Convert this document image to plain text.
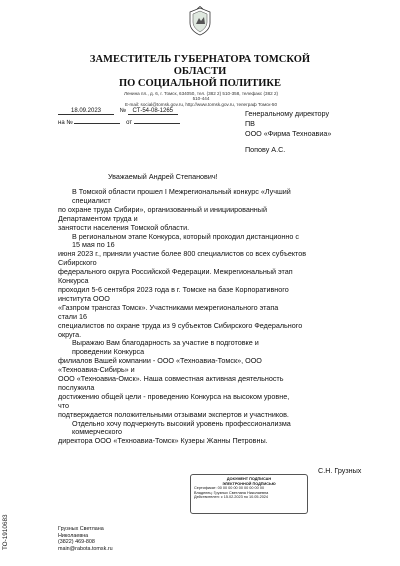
ЗАМЕСТИТЕЛЬ ГУБЕРНАТОРА ТОМСКОЙ
ОБЛАСТИ
ПО СОЦИАЛЬНОЙ ПОЛИТИКЕ
Ленина пл., д. 6, г. Томск, 634050, тел. (382 2) 510-358, телефакс (382 2)
510-444
E-mail: social@tomsk.gov.ru, http://www.tomsk.gov.ru, телеграф Томск-50
18.09.2023	№ СТ-54-08-1265
на №	от
Генеральному директору
ПВ
ООО «Фирма Техноавиа»
Попову А.С.
Уважаемый Андрей Степанович!

В Томской области прошел I Межрегиональный конкурс «Лучший

специалист

по охране труда Сибири», организованный и инициированный

Департаментом труда и

занятости населения Томской области.

В региональном этапе Конкурса, который проходил дистанционно с

15 мая по 16

июня 2023 г., приняли участие более 800 специалистов со всех субъектов

Сибирского

федерального округа Российской Федерации. Межрегиональный этап

Конкурса

проходил 5-6 сентября 2023 года в г. Томске на базе Корпоративного

института ООО

«Газпром трансгаз Томск». Участниками межрегионального этапа

стали 16

специалистов по охране труда из 9 субъектов Сибирского Федерального

округа.

Выражаю Вам благодарность за участие в подготовке и

проведении Конкурса

филиалов Вашей компании - ООО «Техноавиа-Томск», ООО

«Техноавиа-Сибирь» и

ООО «Техноавиа-Омск». Наша совместная активная деятельность

послужила

достижению общей цели - проведению Конкурса на высоком уровне,

что

подтверждается положительными отзывами экспертов и участников.

Отдельно хочу подчеркнуть высокий уровень профессионализма

коммерческого

директора ООО «Техноавиа-Томск» Кузеры Жанны Петровны.

С.Н. Грузных
ДОКУМЕНТ ПОДПИСАН
ЭЛЕКТРОННОЙ ПОДПИСЬЮ
Сертификат: 00 00 00 00 00 00 00 00 00
Владелец: Грузных Светлана Николаевна
Действителен: с 15.02.2023 по 10.05.2024
Грузных Светлана
Николаевна
(3822) 469-808
main@rabota.tomsk.ru
ТО-1910683
